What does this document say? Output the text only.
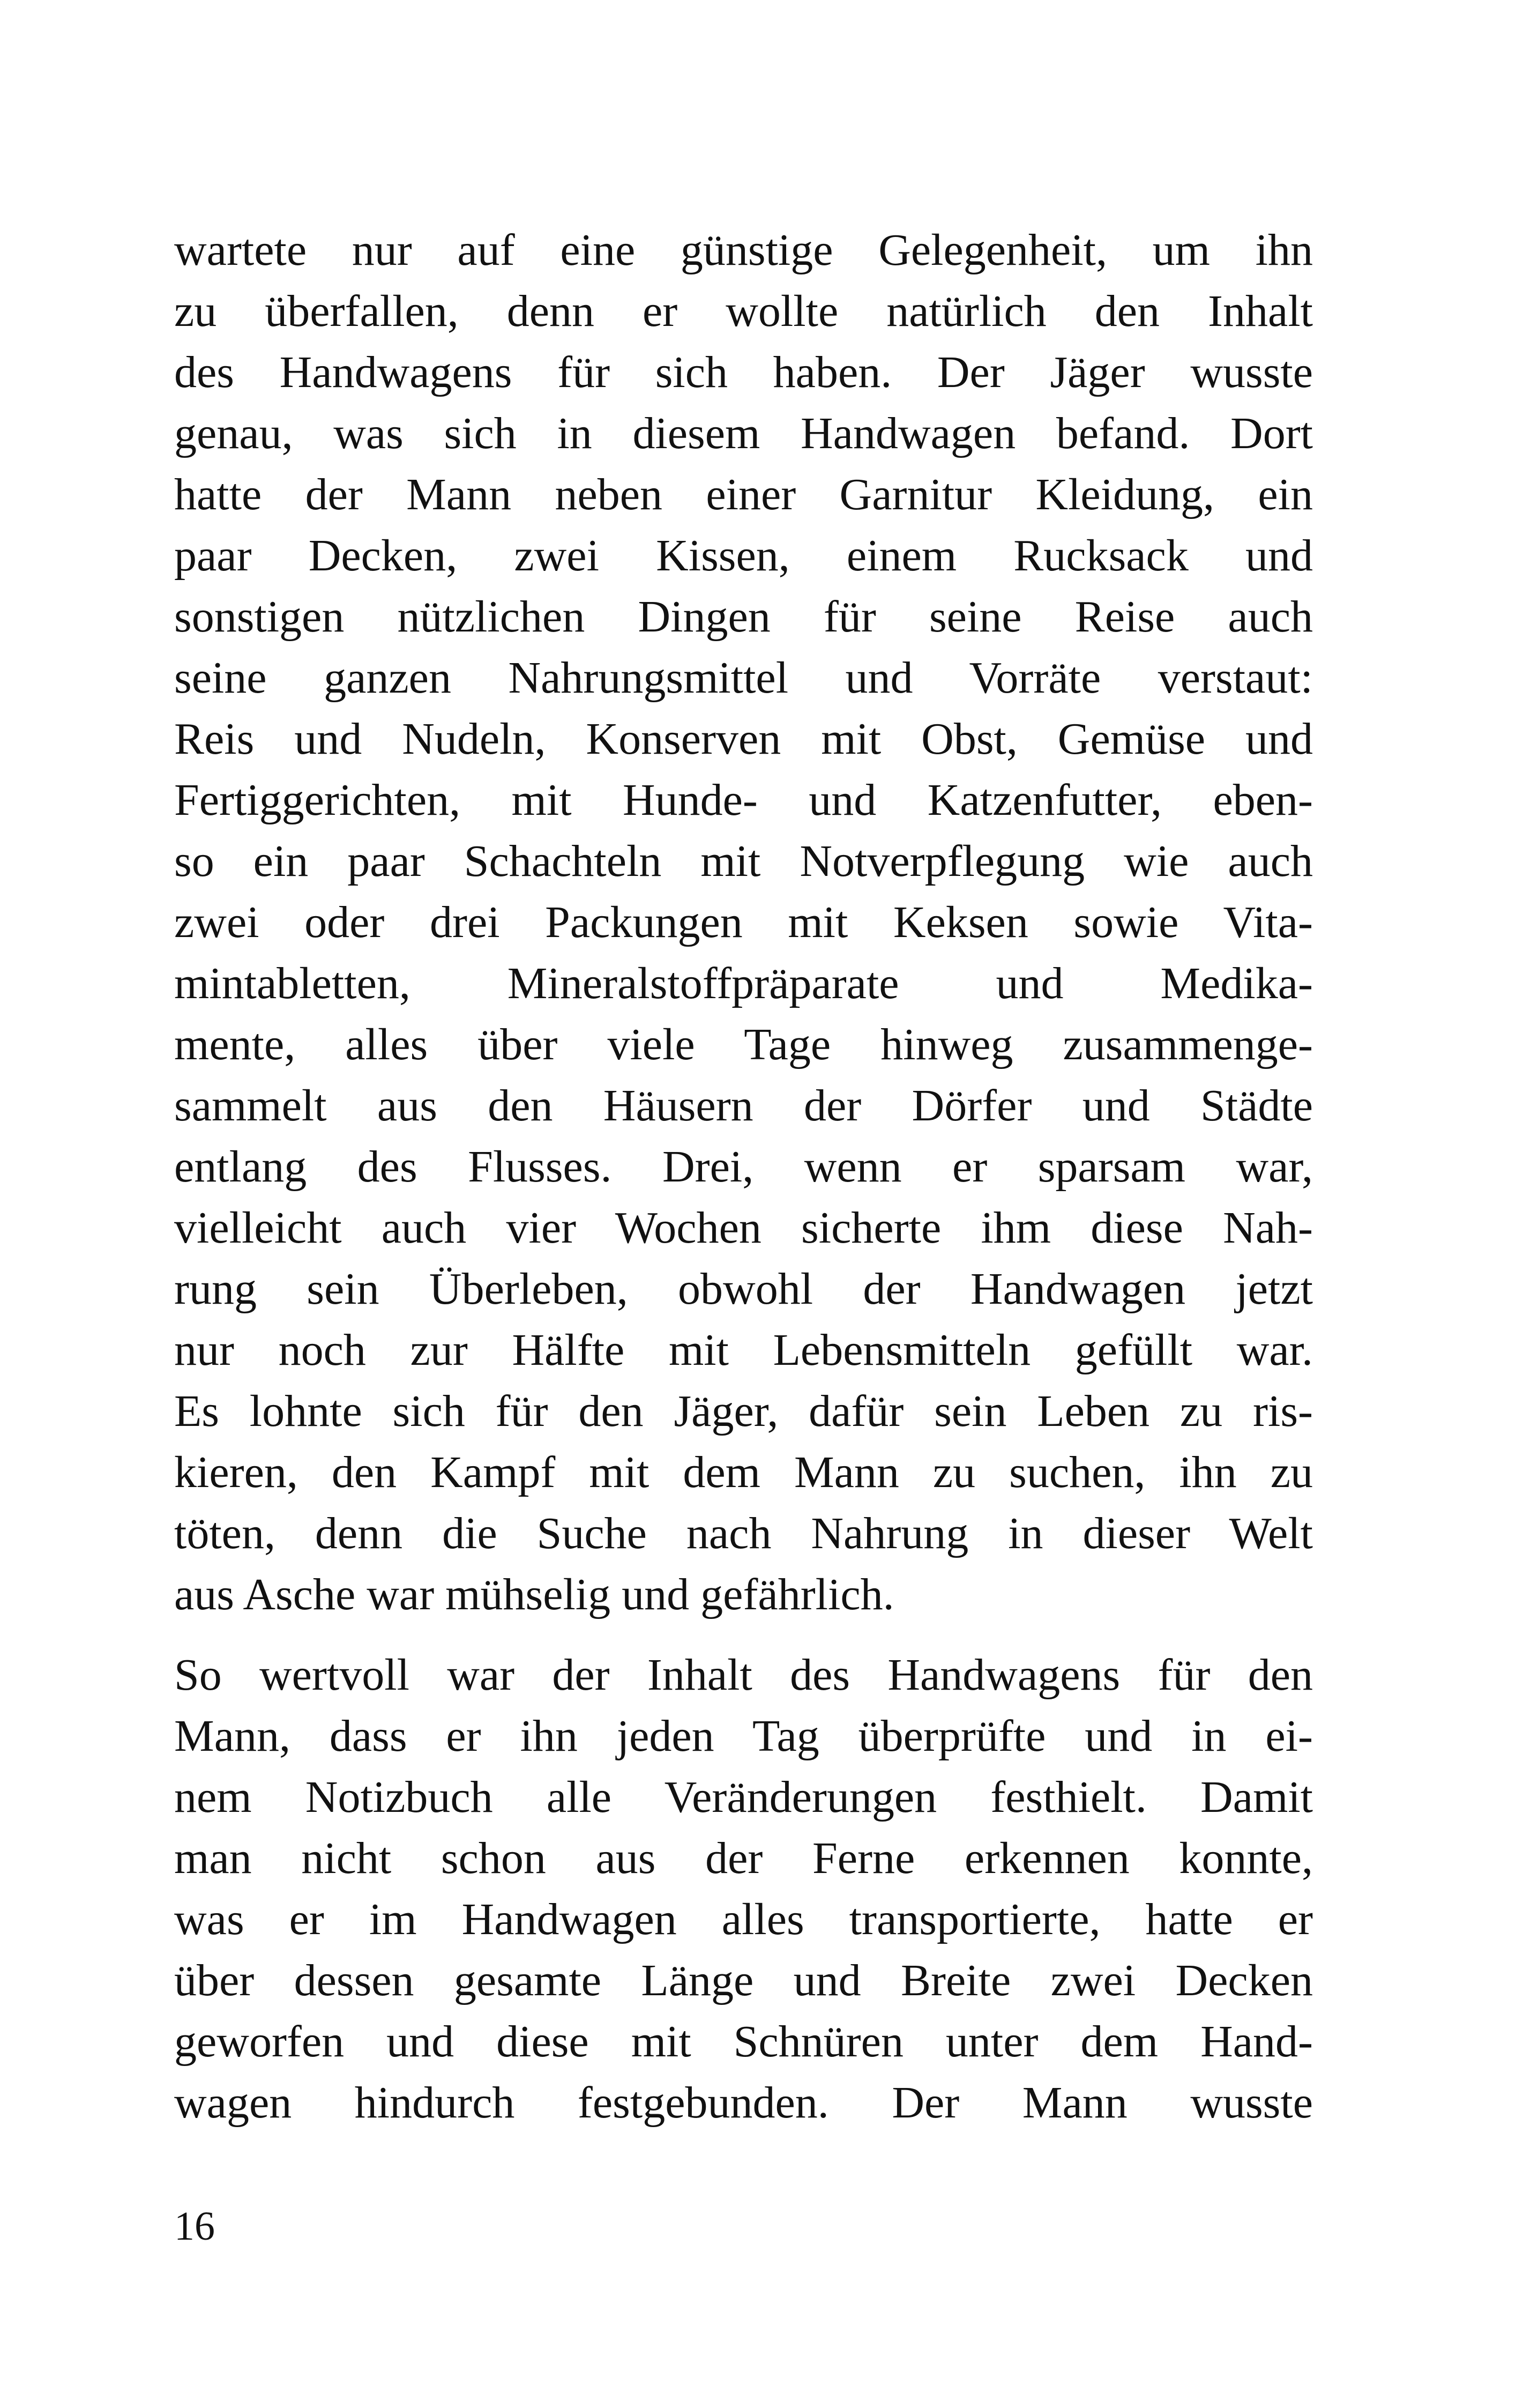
wartete nur auf eine günstige Gelegenheit, um ihn
zu überfallen, denn er wollte natürlich den Inhalt
des Handwagens für sich haben. Der Jäger wusste
genau, was sich in diesem Handwagen befand. Dort
hatte der Mann neben einer Garnitur Kleidung, ein
paar Decken, zwei Kissen, einem Rucksack und
sonstigen nützlichen Dingen für seine Reise auch
seine ganzen Nahrungsmittel und Vorräte verstaut:
Reis und Nudeln, Konserven mit Obst, Gemüse und
Fertiggerichten, mit Hunde- und Katzenfutter, eben-
so ein paar Schachteln mit Notverpflegung wie auch
zwei oder drei Packungen mit Keksen sowie Vita-
mintabletten, Mineralstoffpräparate und Medika-
mente, alles über viele Tage hinweg zusammenge-
sammelt aus den Häusern der Dörfer und Städte
entlang des Flusses. Drei, wenn er sparsam war,
vielleicht auch vier Wochen sicherte ihm diese Nah-
rung sein Überleben, obwohl der Handwagen jetzt
nur noch zur Hälfte mit Lebensmitteln gefüllt war.
Es lohnte sich für den Jäger, dafür sein Leben zu ris-
kieren, den Kampf mit dem Mann zu suchen, ihn zu
töten, denn die Suche nach Nahrung in dieser Welt
aus Asche war mühselig und gefährlich.

So wertvoll war der Inhalt des Handwagens für den
Mann, dass er ihn jeden Tag überprüfte und in ei-
nem Notizbuch alle Veränderungen festhielt. Damit
man nicht schon aus der Ferne erkennen konnte,
was er im Handwagen alles transportierte, hatte er
über dessen gesamte Länge und Breite zwei Decken
geworfen und diese mit Schnüren unter dem Hand-
wagen hindurch festgebunden. Der Mann wusste

16
